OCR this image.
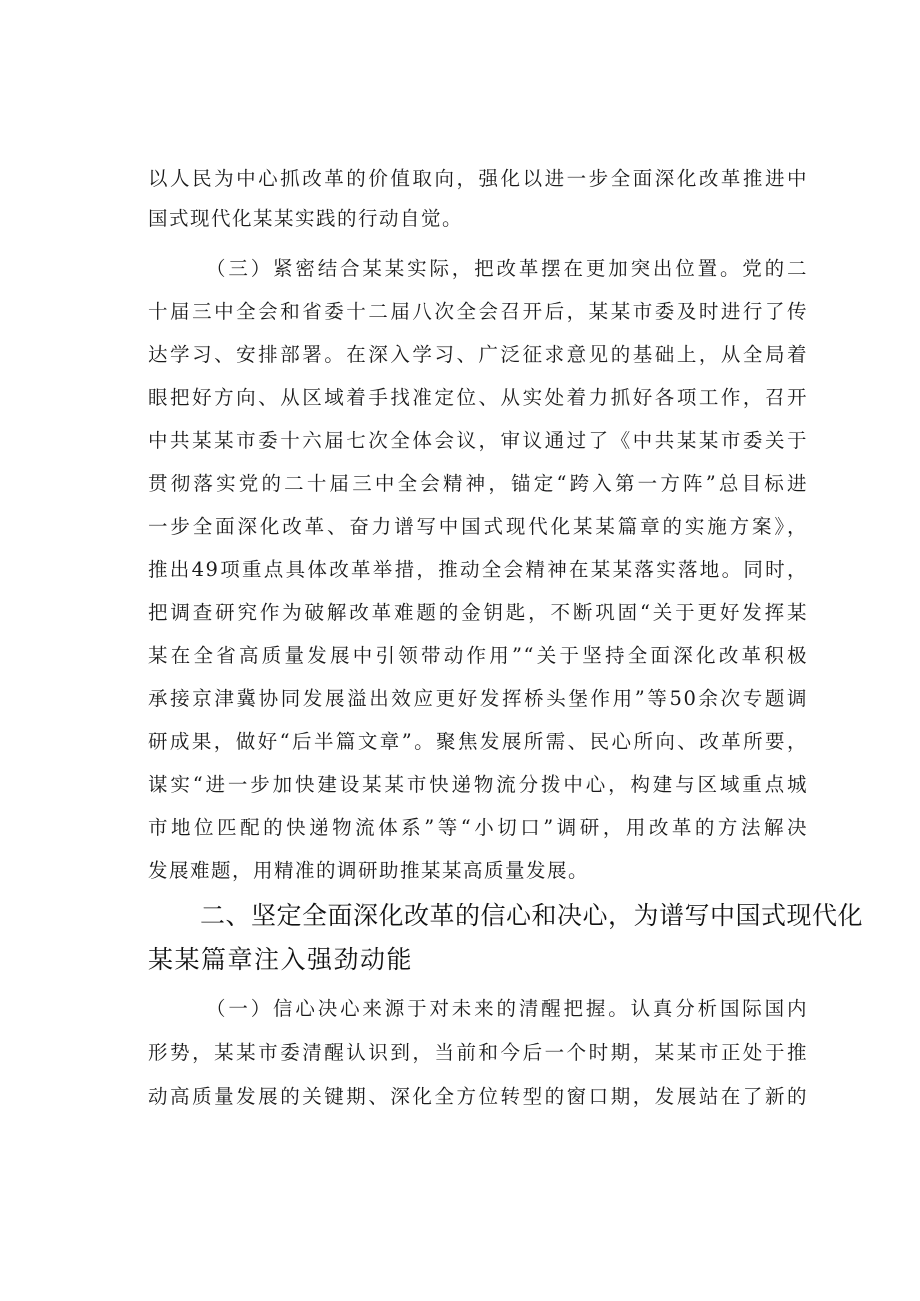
以人民为中心抓改革的价值取向，强化以进一步全面深化改革推进中
国式现代化某某实践的行动自觉。
（三）紧密结合某某实际，把改革摆在更加突出位置。党的二
十届三中全会和省委十二届八次全会召开后，某某市委及时进行了传
达学习、安排部署。在深入学习、广泛征求意见的基础上，从全局着
眼把好方向、从区域着手找准定位、从实处着力抓好各项工作，召开
中共某某市委十六届七次全体会议，审议通过了《中共某某市委关于
贯彻落实党的二十届三中全会精神，锚定“跨入第一方阵”总目标进
一步全面深化改革、奋力谱写中国式现代化某某篇章的实施方案》，
推出49项重点具体改革举措，推动全会精神在某某落实落地。同时，
把调查研究作为破解改革难题的金钥匙，不断巩固“关于更好发挥某
某在全省高质量发展中引领带动作用”“关于坚持全面深化改革积极
承接京津冀协同发展溢出效应更好发挥桥头堡作用”等50余次专题调
研成果，做好“后半篇文章”。聚焦发展所需、民心所向、改革所要，
谋实“进一步加快建设某某市快递物流分拨中心，构建与区域重点城
市地位匹配的快递物流体系”等“小切口”调研，用改革的方法解决
发展难题，用精准的调研助推某某高质量发展。
二、坚定全面深化改革的信心和决心，为谱写中国式现代化
某某篇章注入强劲动能
（一）信心决心来源于对未来的清醒把握。认真分析国际国内
形势，某某市委清醒认识到，当前和今后一个时期，某某市正处于推
动高质量发展的关键期、深化全方位转型的窗口期，发展站在了新的
